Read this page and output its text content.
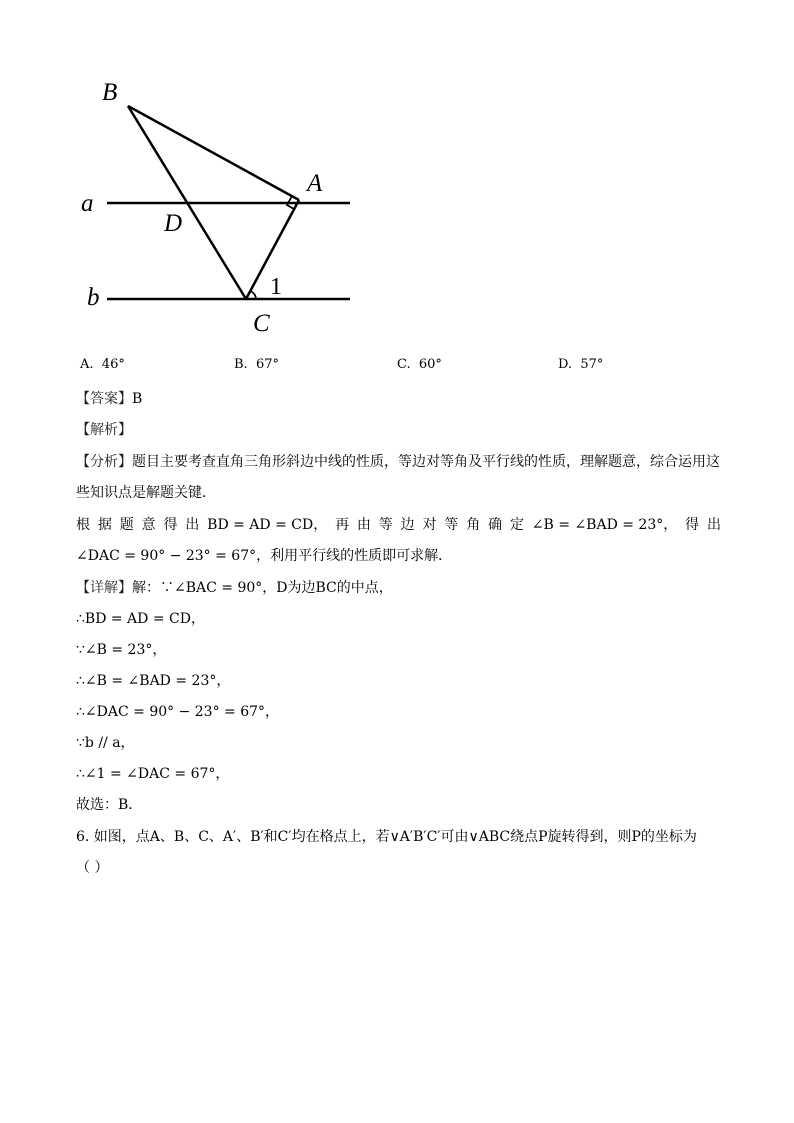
B
A
a
D
b	1
C
A. 46°	B. 67°	C. 60°	D. 57°
【答案】B
【解析】
【分析】题目主要考查直角三角形斜边中线的性质，等边对等角及平行线的性质，理解题意，综合运用这
些知识点是解题关键．
根 据 题 意 得 出 BD = AD = CD， 再 由 等 边 对 等 角 确 定 ∠B = ∠BAD = 23°， 得 出
∠DAC = 90° − 23° = 67°，利用平行线的性质即可求解．
【详解】解：∵∠BAC = 90°，D为边BC的中点，
∴BD = AD = CD，
∵∠B = 23°，
∴∠B = ∠BAD = 23°，
∴∠DAC = 90° − 23° = 67°，
∵b // a，
∴∠1 = ∠DAC = 67°，
故选：B．
6. 如图，点A、B、C、A′、B′和C′均在格点上，若∨A′B′C′可由∨ABC绕点P旋转得到，则P的坐标为
（ ）
